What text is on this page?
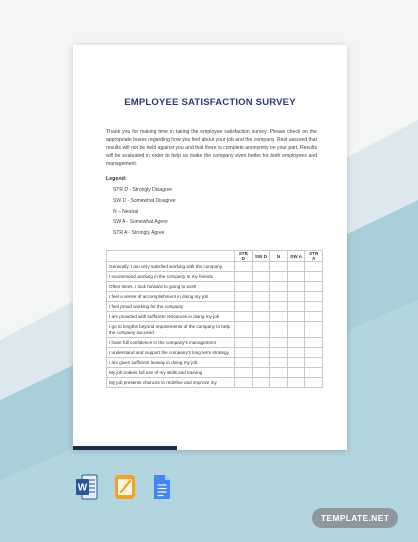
EMPLOYEE SATISFACTION SURVEY
Thank you for making time in taking the employee satisfaction survey. Please check on the appropriate boxes regarding how you feel about your job and the company. Rest assured that results will not be held against you and that there is complete anonymity on your part. Results will be evaluated in order to help us make the company even better for both employees and management.
Legend:
STR D - Strongly Disagree
SW D - Somewhat Disagree
N – Neutral
SW A - Somewhat Agree
STR A - Strongly Agree
	STR D	SW D	N	SW A	STR A
Generally, I am very satisfied working with the company.					
I recommend working in the company to my friends					
Often times, I look forward to going to work					
I feel a sense of accomplishment in doing my job					
I feel proud working for the company					
I am provided with sufficient resources in doing my job					
I go to lengths beyond requirements of the company to help the company succeed.					
I have full confidence in the company's management					
I understand and support the company's long term strategy					
I am given sufficient leeway in doing my job					
My job makes full use of my skills and training					
My job presents chances to redefine and improve my					
W
TEMPLATE.NET
